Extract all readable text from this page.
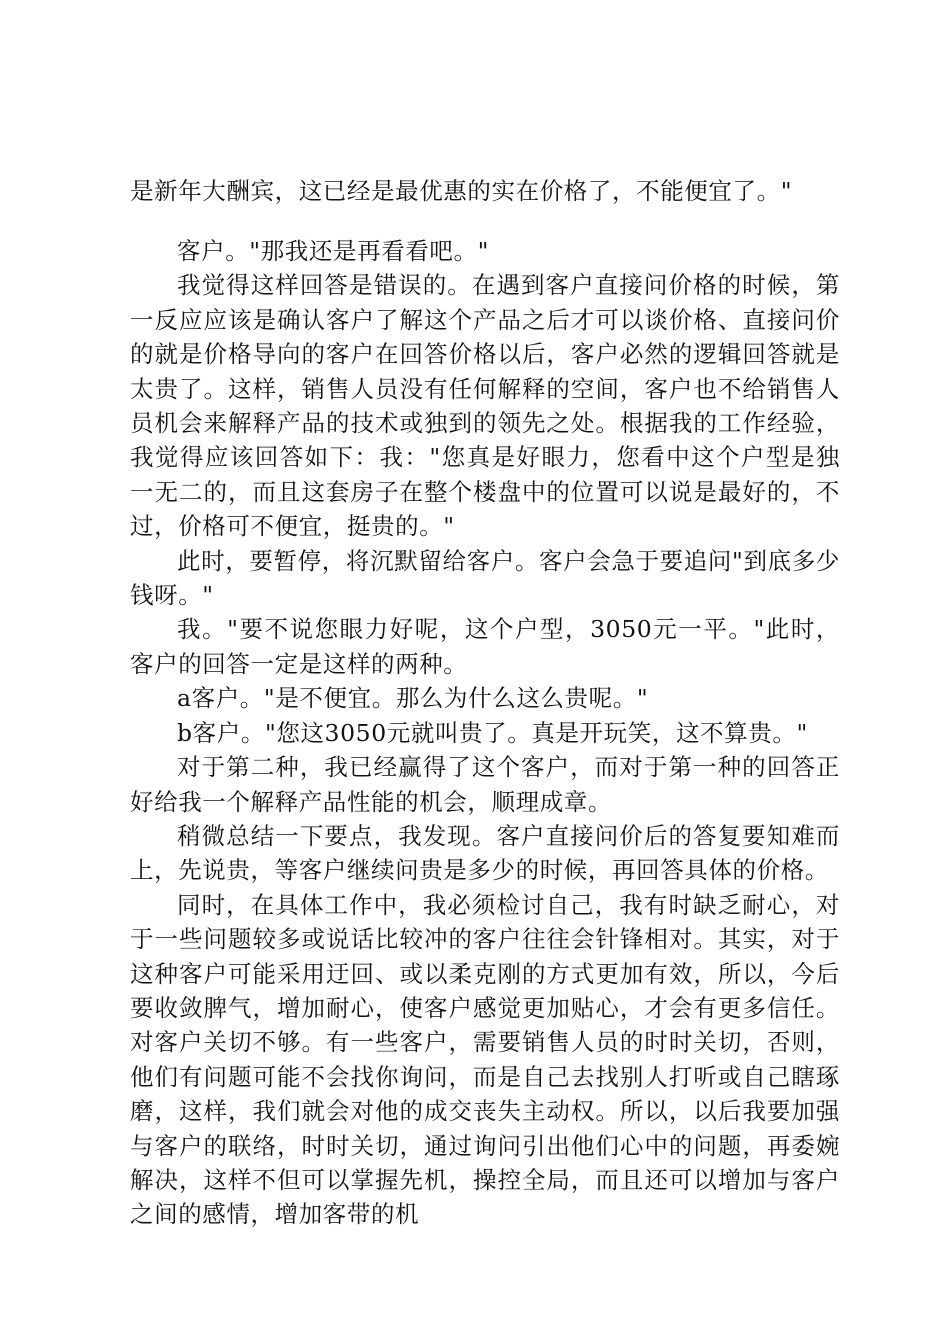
是新年大酬宾，这已经是最优惠的实在价格了，不能便宜了。"

客户。"那我还是再看看吧。"

我觉得这样回答是错误的。在遇到客户直接问价格的时候，第一反应应该是确认客户了解这个产品之后才可以谈价格、直接问价的就是价格导向的客户在回答价格以后，客户必然的逻辑回答就是太贵了。这样，销售人员没有任何解释的空间，客户也不给销售人员机会来解释产品的技术或独到的领先之处。根据我的工作经验，我觉得应该回答如下：我："您真是好眼力，您看中这个户型是独一无二的，而且这套房子在整个楼盘中的位置可以说是最好的，不过，价格可不便宜，挺贵的。"

此时，要暂停，将沉默留给客户。客户会急于要追问"到底多少钱呀。"

我。"要不说您眼力好呢，这个户型，3050元一平。"此时，客户的回答一定是这样的两种。

a客户。"是不便宜。那么为什么这么贵呢。"

b客户。"您这3050元就叫贵了。真是开玩笑，这不算贵。"

对于第二种，我已经赢得了这个客户，而对于第一种的回答正好给我一个解释产品性能的机会，顺理成章。

稍微总结一下要点，我发现。客户直接问价后的答复要知难而上，先说贵，等客户继续问贵是多少的时候，再回答具体的价格。

同时，在具体工作中，我必须检讨自己，我有时缺乏耐心，对于一些问题较多或说话比较冲的客户往往会针锋相对。其实，对于这种客户可能采用迂回、或以柔克刚的方式更加有效，所以，今后要收敛脾气，增加耐心，使客户感觉更加贴心，才会有更多信任。对客户关切不够。有一些客户，需要销售人员的时时关切，否则，他们有问题可能不会找你询问，而是自己去找别人打听或自己瞎琢磨，这样，我们就会对他的成交丧失主动权。所以，以后我要加强与客户的联络，时时关切，通过询问引出他们心中的问题，再委婉解决，这样不但可以掌握先机，操控全局，而且还可以增加与客户之间的感情，增加客带的机
